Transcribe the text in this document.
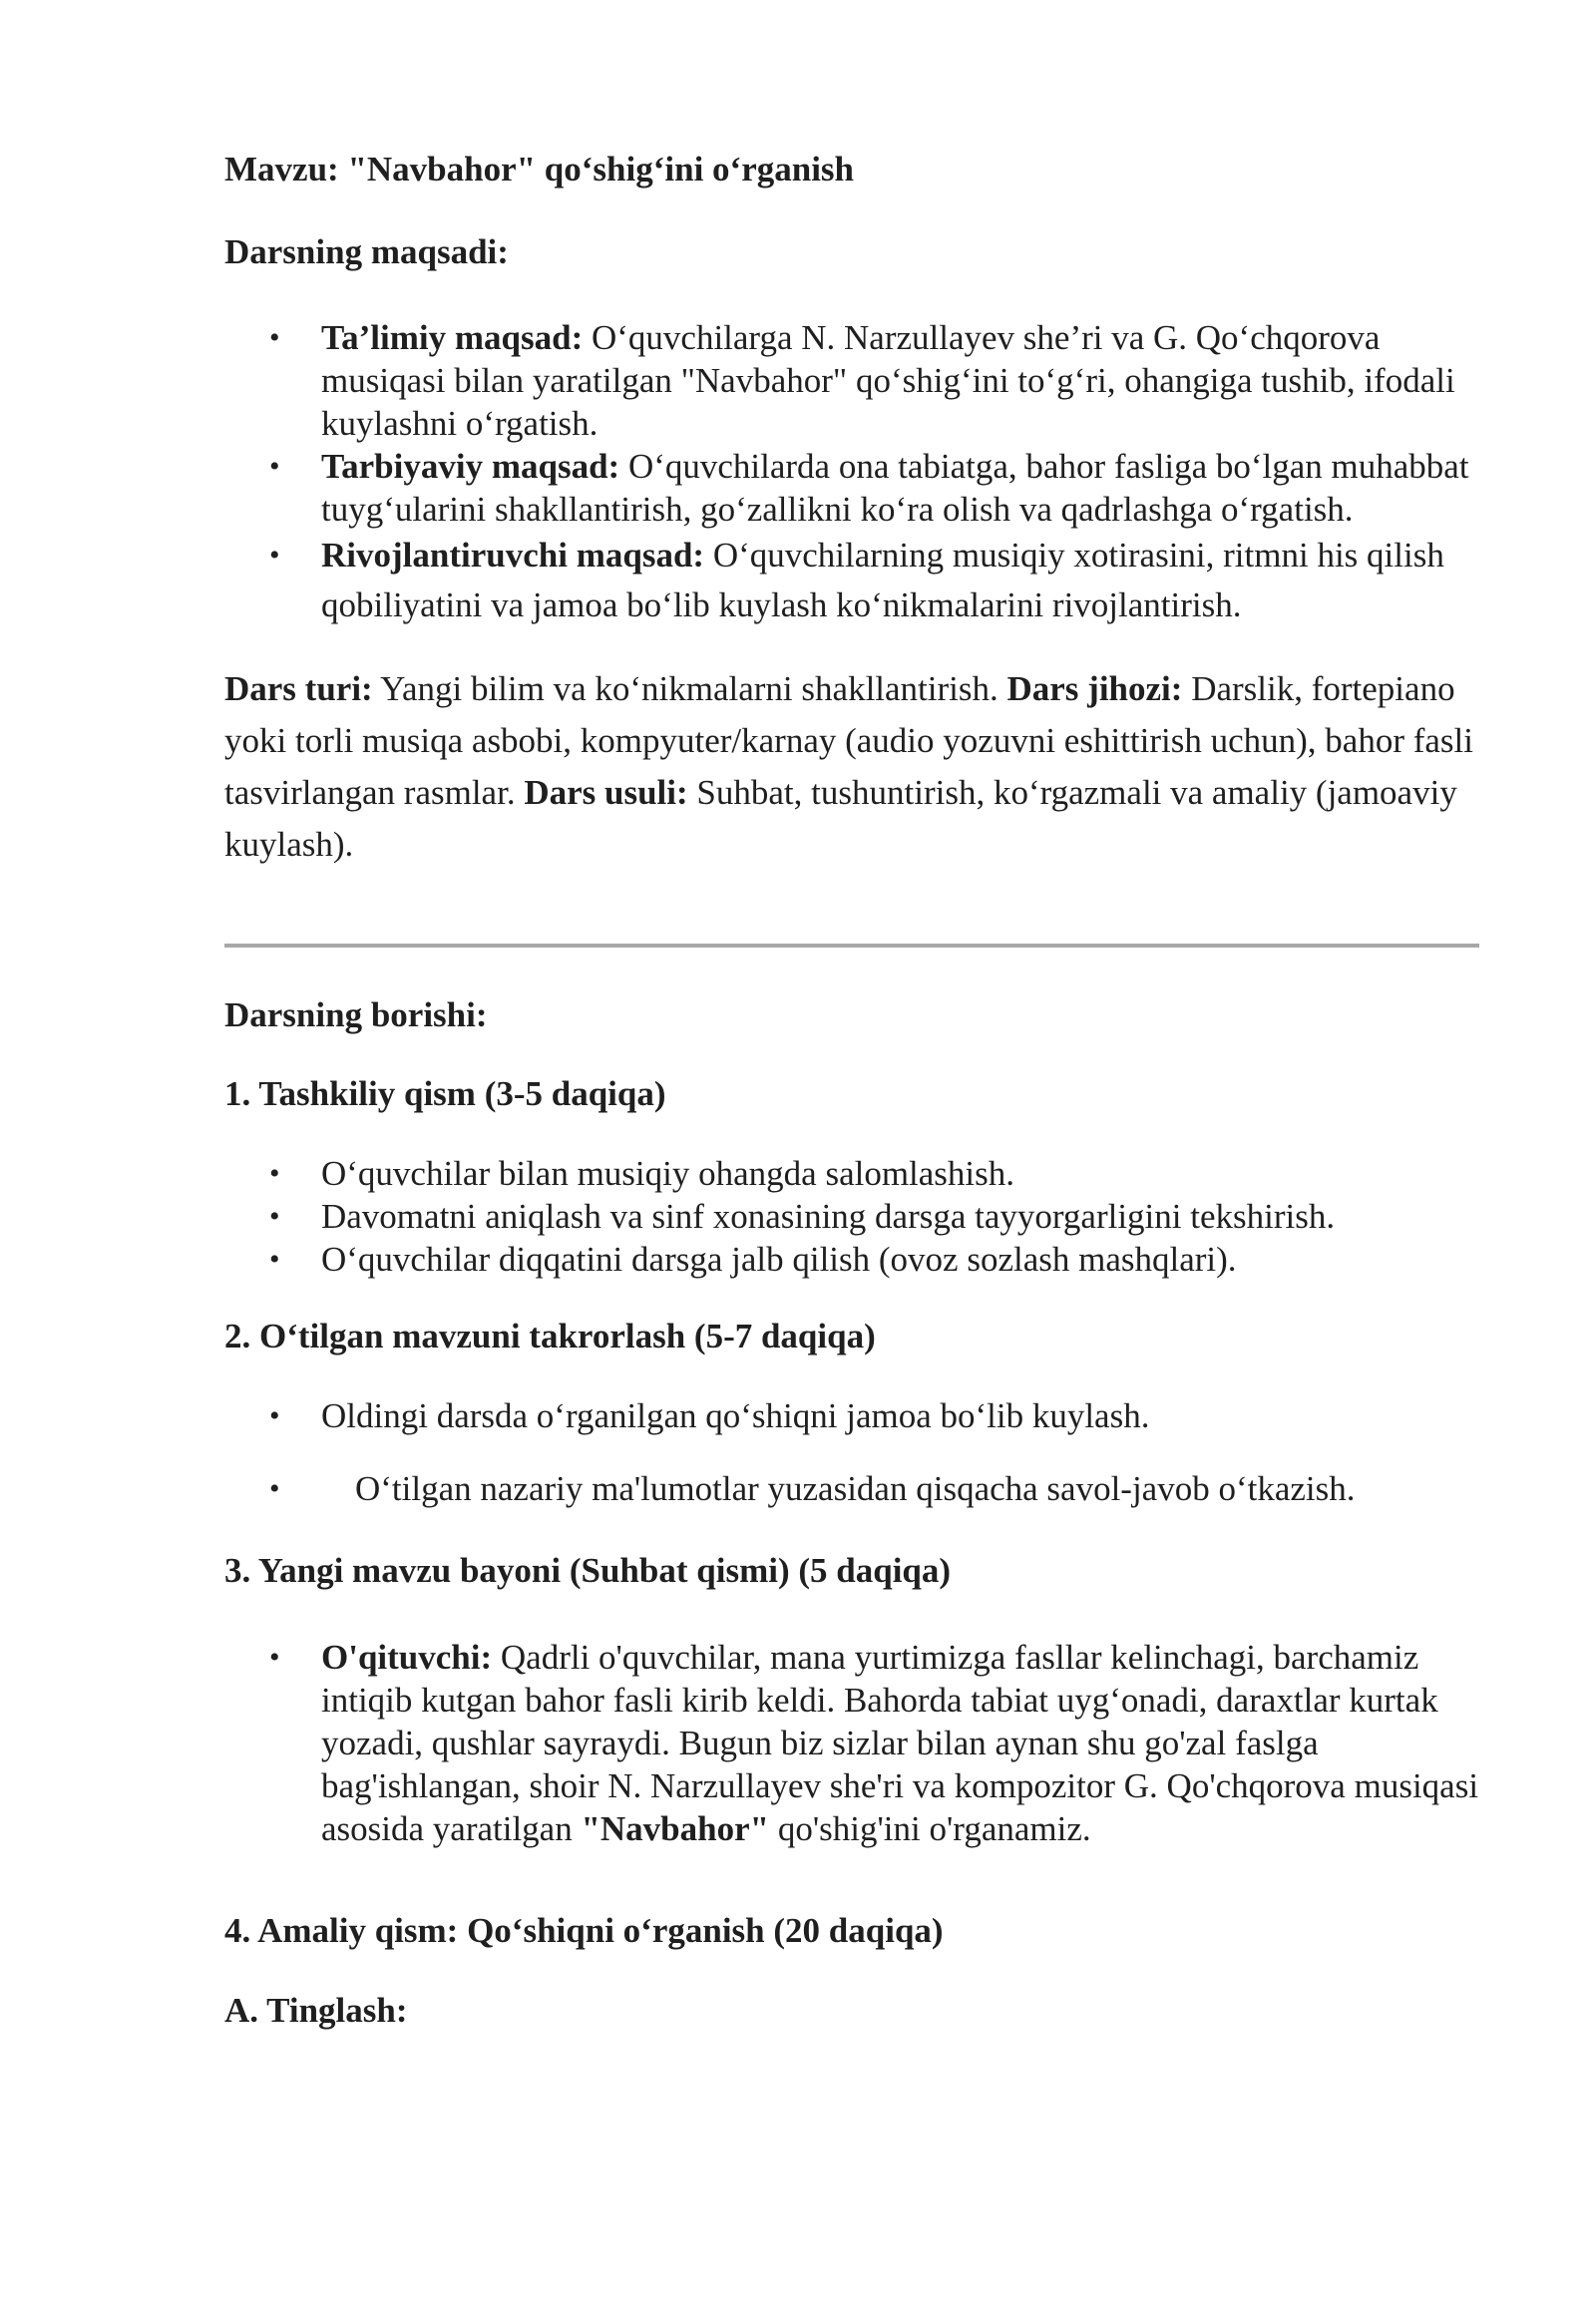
Mavzu: "Navbahor" qo‘shig‘ini o‘rganish

Darsning maqsadi:

• Ta’limiy maqsad: O‘quvchilarga N. Narzullayev she’ri va G. Qo‘chqorova musiqasi bilan yaratilgan "Navbahor" qo‘shig‘ini to‘g‘ri, ohangiga tushib, ifodali kuylashni o‘rgatish.
• Tarbiyaviy maqsad: O‘quvchilarda ona tabiatga, bahor fasliga bo‘lgan muhabbat tuyg‘ularini shakllantirish, go‘zallikni ko‘ra olish va qadrlashga o‘rgatish.
• Rivojlantiruvchi maqsad: O‘quvchilarning musiqiy xotirasini, ritmni his qilish qobiliyatini va jamoa bo‘lib kuylash ko‘nikmalarini rivojlantirish.

Dars turi: Yangi bilim va ko‘nikmalarni shakllantirish. Dars jihozi: Darslik, fortepiano yoki torli musiqa asbobi, kompyuter/karnay (audio yozuvni eshittirish uchun), bahor fasli tasvirlangan rasmlar. Dars usuli: Suhbat, tushuntirish, ko‘rgazmali va amaliy (jamoaviy kuylash).

Darsning borishi:

1. Tashkiliy qism (3-5 daqiqa)

• O‘quvchilar bilan musiqiy ohangda salomlashish.
• Davomatni aniqlash va sinf xonasining darsga tayyorgarligini tekshirish.
• O‘quvchilar diqqatini darsga jalb qilish (ovoz sozlash mashqlari).

2. O‘tilgan mavzuni takrorlash (5-7 daqiqa)

• Oldingi darsda o‘rganilgan qo‘shiqni jamoa bo‘lib kuylash.
• O‘tilgan nazariy ma'lumotlar yuzasidan qisqacha savol-javob o‘tkazish.

3. Yangi mavzu bayoni (Suhbat qismi) (5 daqiqa)

• O'qituvchi: Qadrli o'quvchilar, mana yurtimizga fasllar kelinchagi, barchamiz intiqib kutgan bahor fasli kirib keldi. Bahorda tabiat uyg‘onadi, daraxtlar kurtak yozadi, qushlar sayraydi. Bugun biz sizlar bilan aynan shu go'zal faslga bag'ishlangan, shoir N. Narzullayev she'ri va kompozitor G. Qo'chqorova musiqasi asosida yaratilgan "Navbahor" qo'shig'ini o'rganamiz.

4. Amaliy qism: Qo‘shiqni o‘rganish (20 daqiqa)

A. Tinglash:
